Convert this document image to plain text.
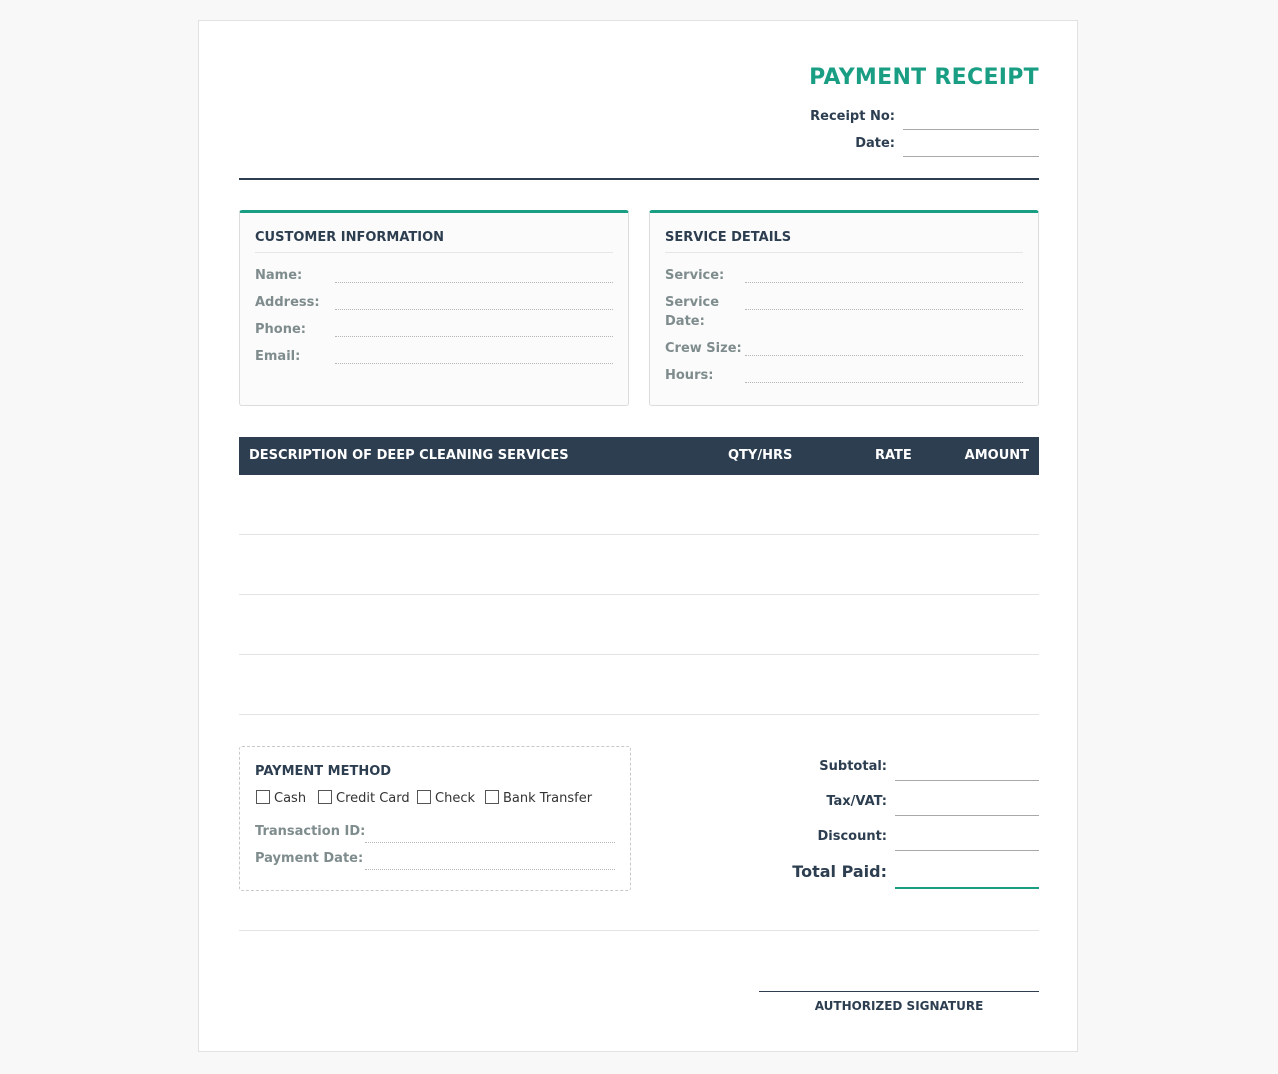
PAYMENT RECEIPT
Receipt No:
Date:
CUSTOMER INFORMATION
Name:
Address:
Phone:
Email:
SERVICE DETAILS
Service:
Service Date:
Crew Size:
Hours:
DESCRIPTION OF DEEP CLEANING SERVICES	QTY/HRS	RATE	AMOUNT
PAYMENT METHOD
Cash Credit Card Check Bank Transfer
Transaction ID:
Payment Date:
Subtotal:
Tax/VAT:
Discount:
Total Paid:
AUTHORIZED SIGNATURE
